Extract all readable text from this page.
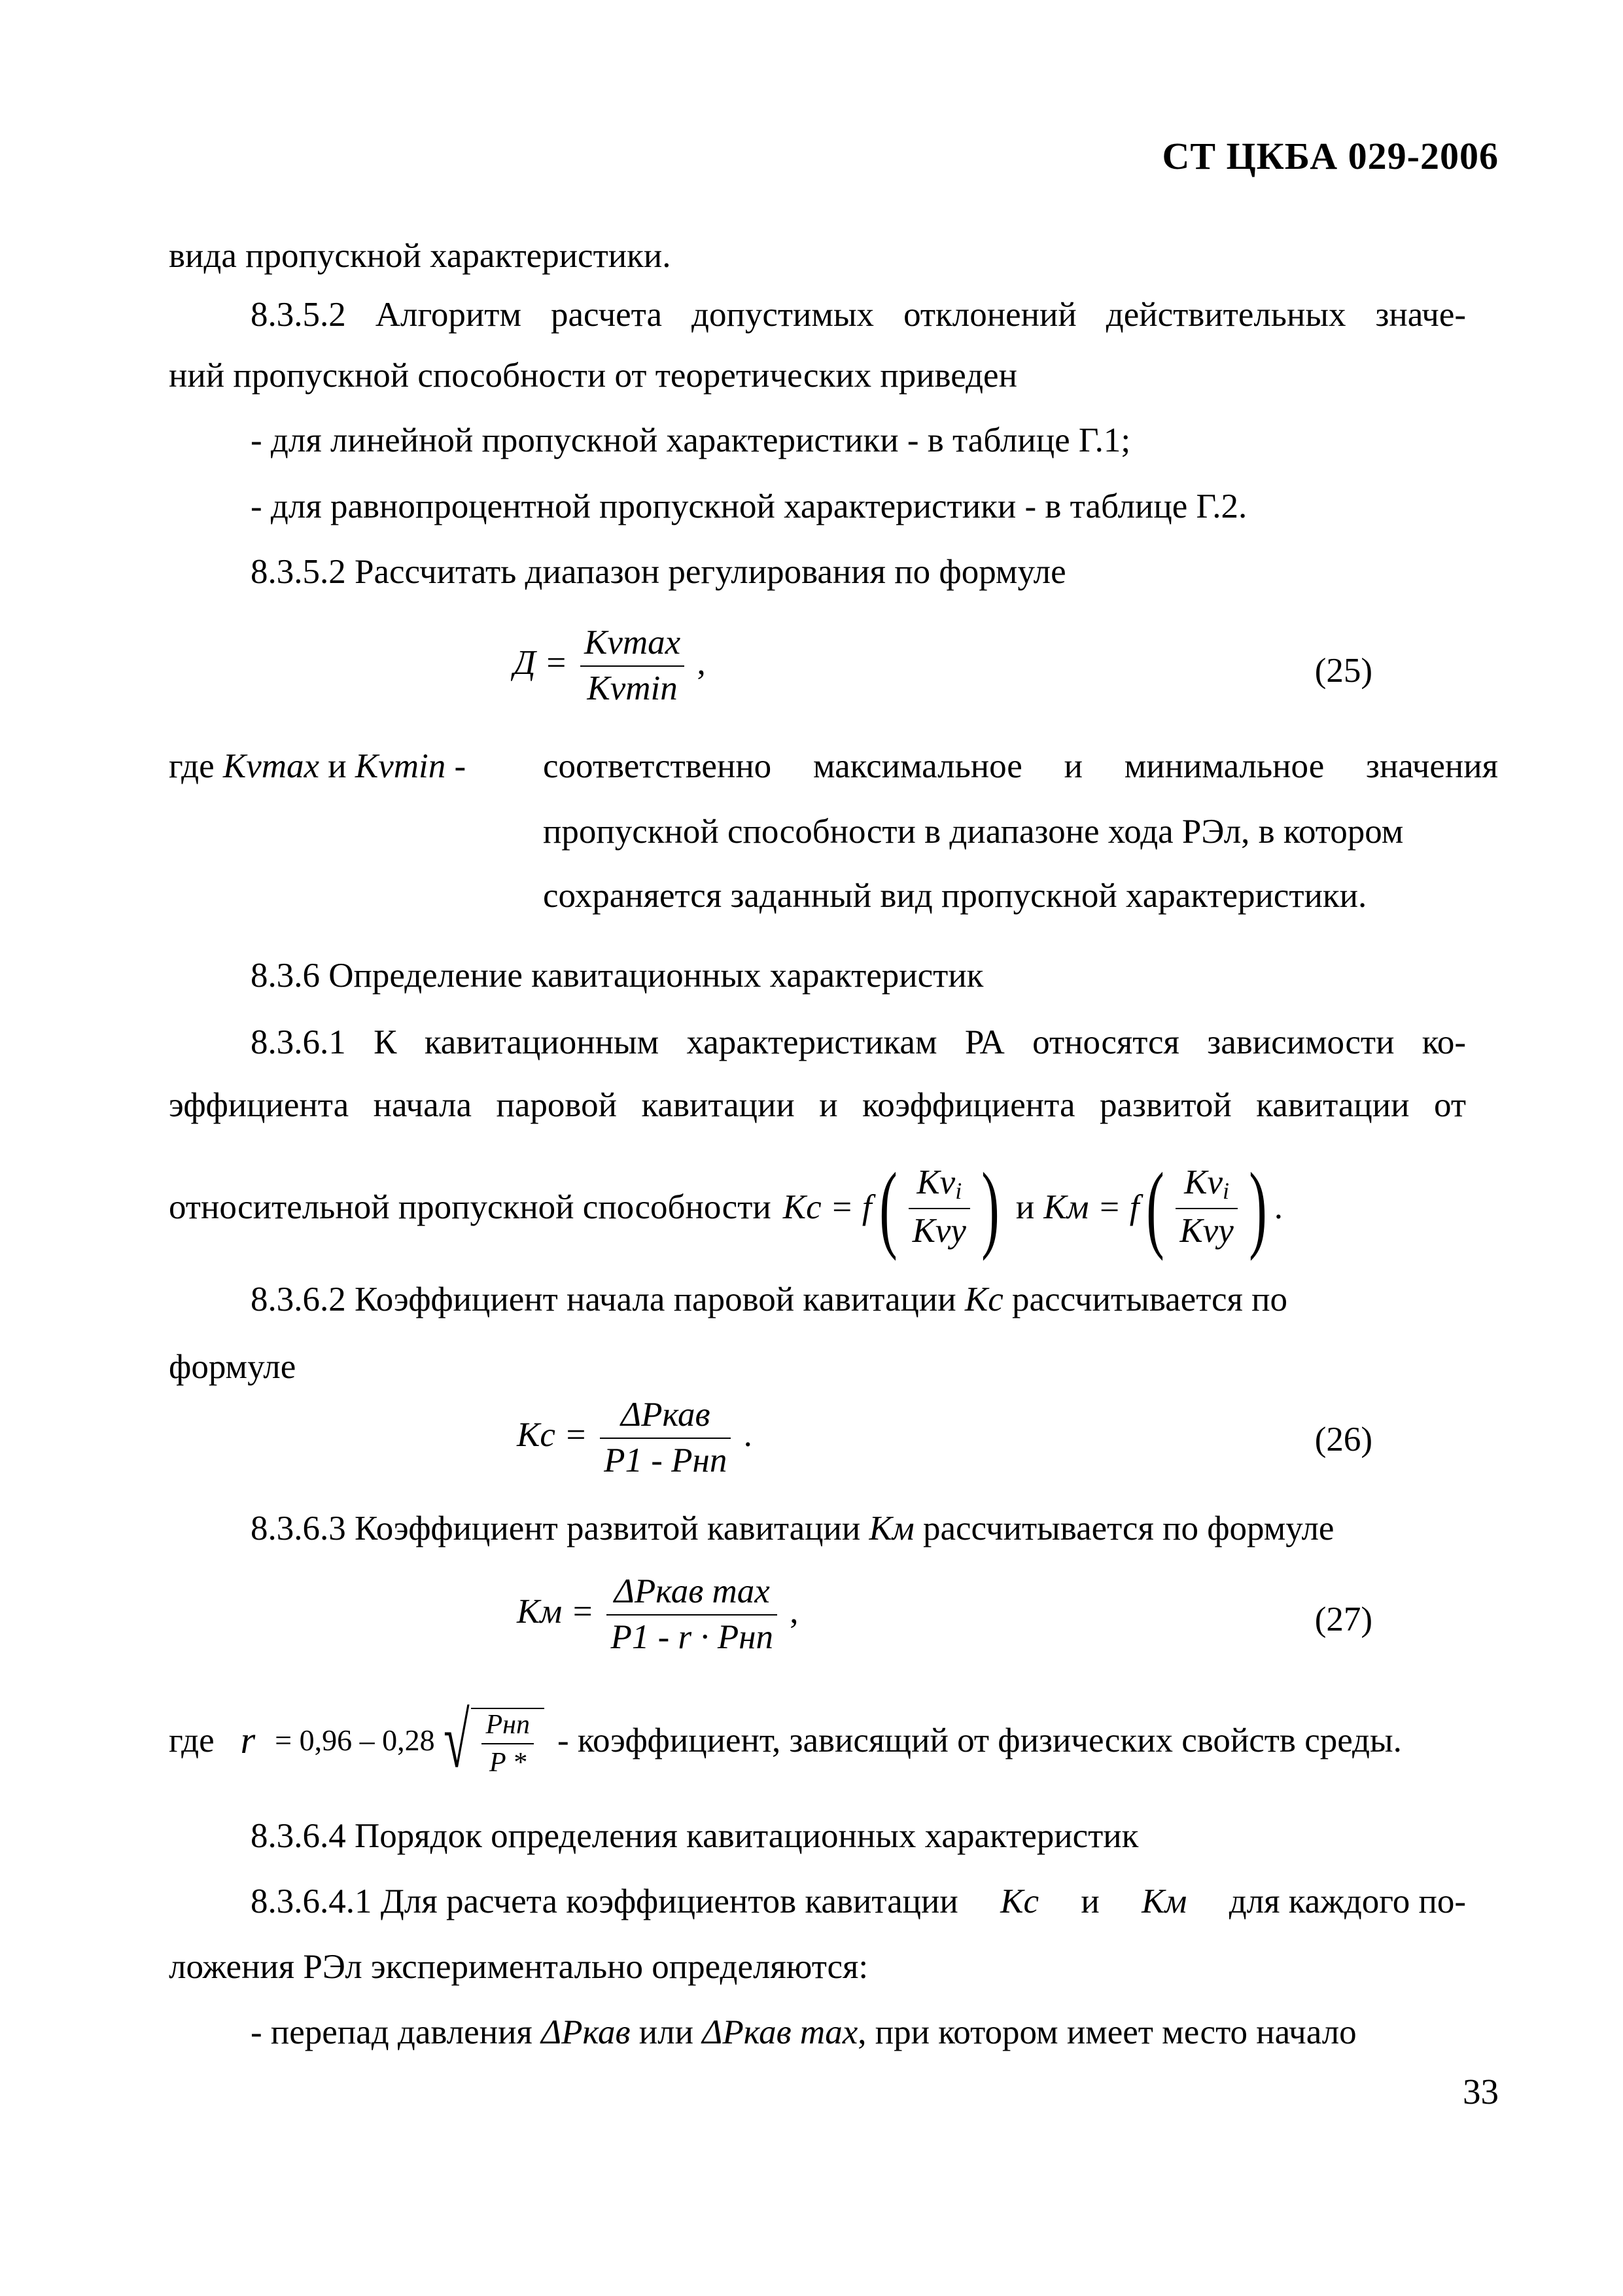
СТ ЦКБА 029-2006
вида пропускной характеристики.
8.3.5.2 Алгоритм расчета допустимых отклонений действительных значе-
ний пропускной способности от теоретических приведен
- для линейной пропускной характеристики - в таблице Г.1;
- для равнопроцентной пропускной характеристики - в таблице Г.2.
8.3.5.2 Рассчитать диапазон регулирования по формуле
$Д = \frac{Kvmax}{Kvmin}$ ,	(25)
где Kvmax и Kvmin - соответственно максимальное и минимальное значения
пропускной способности в диапазоне хода РЭл, в котором
сохраняется заданный вид пропускной характеристики.
8.3.6 Определение кавитационных характеристик
8.3.6.1 К кавитационным характеристикам РА относятся зависимости ко-
эффициента начала паровой кавитации и коэффициента развитой кавитации от
относительной пропускной способности Kc = f ( $\frac{Kv_i}{\text{Kvy}}$ ) и Kм = f ( $\frac{Kv_i}{\text{Kvy}}$ ) .
8.3.6.2 Коэффициент начала паровой кавитации Kc рассчитывается по
формуле
$Kc = \frac{\text{ΔPкав}}{\text{P1 - Pнп}}$ .	(26)
8.3.6.3 Коэффициент развитой кавитации Kм рассчитывается по формуле
Kм = $\frac{\text{ΔPкав max}}{\text{P1 - r · Pнп}}$ ,	(27)
где r = 0,96 – 0,28 √ $\frac{\text{Pнп}}{P *}$ - коэффициент, зависящий от физических свойств среды.
8.3.6.4 Порядок определения кавитационных характеристик
8.3.6.4.1 Для расчета коэффициентов кавитации Kc и Kм для каждого по-
ложения РЭл экспериментально определяются:
- перепад давления ΔPкав или ΔPкав max, при котором имеет место начало
33
